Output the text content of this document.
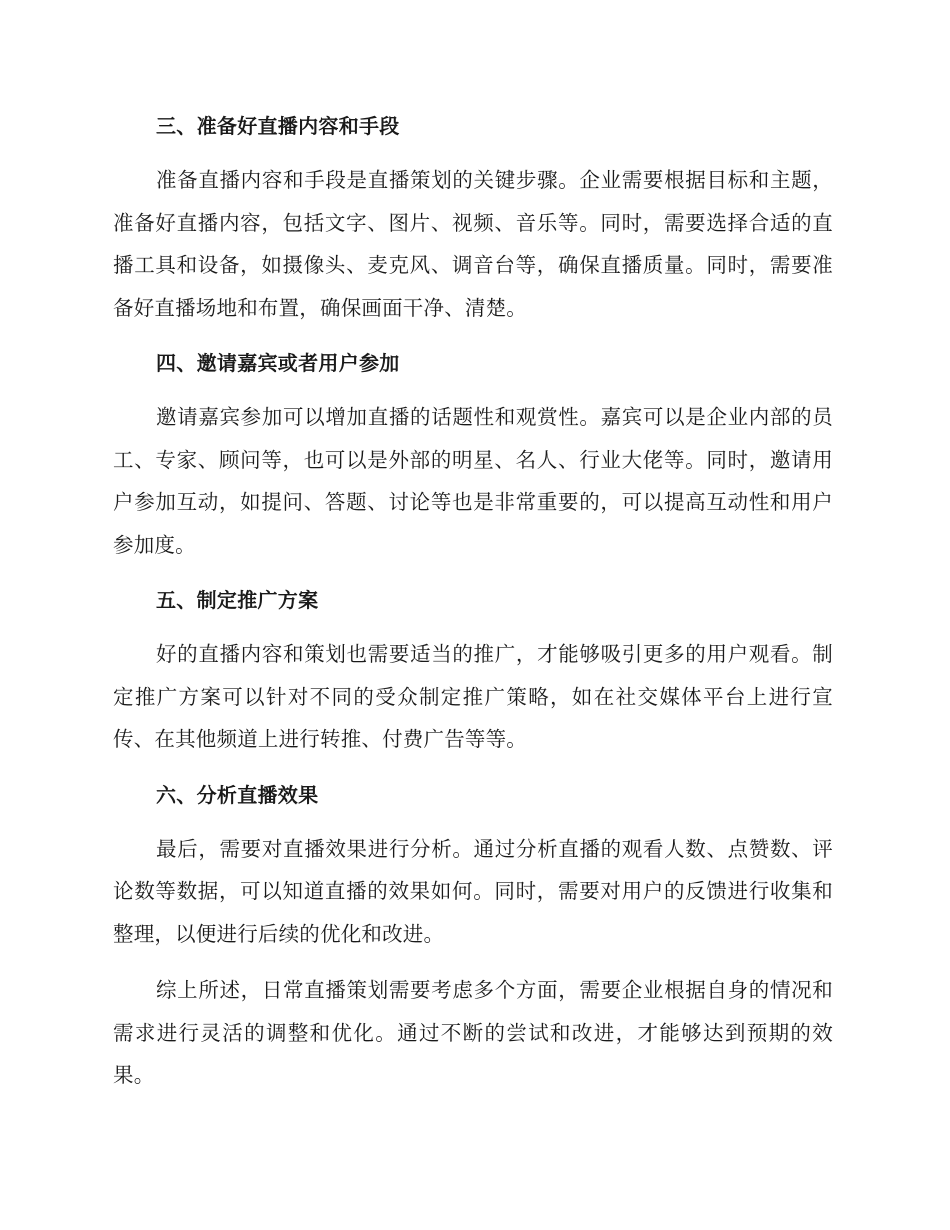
三、准备好直播内容和手段

准备直播内容和手段是直播策划的关键步骤。企业需要根据目标和主题，准备好直播内容，包括文字、图片、视频、音乐等。同时，需要选择合适的直播工具和设备，如摄像头、麦克风、调音台等，确保直播质量。同时，需要准备好直播场地和布置，确保画面干净、清楚。

四、邀请嘉宾或者用户参加

邀请嘉宾参加可以增加直播的话题性和观赏性。嘉宾可以是企业内部的员工、专家、顾问等，也可以是外部的明星、名人、行业大佬等。同时，邀请用户参加互动，如提问、答题、讨论等也是非常重要的，可以提高互动性和用户参加度。

五、制定推广方案

好的直播内容和策划也需要适当的推广，才能够吸引更多的用户观看。制定推广方案可以针对不同的受众制定推广策略，如在社交媒体平台上进行宣传、在其他频道上进行转推、付费广告等等。

六、分析直播效果

最后，需要对直播效果进行分析。通过分析直播的观看人数、点赞数、评论数等数据，可以知道直播的效果如何。同时，需要对用户的反馈进行收集和整理，以便进行后续的优化和改进。

综上所述，日常直播策划需要考虑多个方面，需要企业根据自身的情况和需求进行灵活的调整和优化。通过不断的尝试和改进，才能够达到预期的效果。
